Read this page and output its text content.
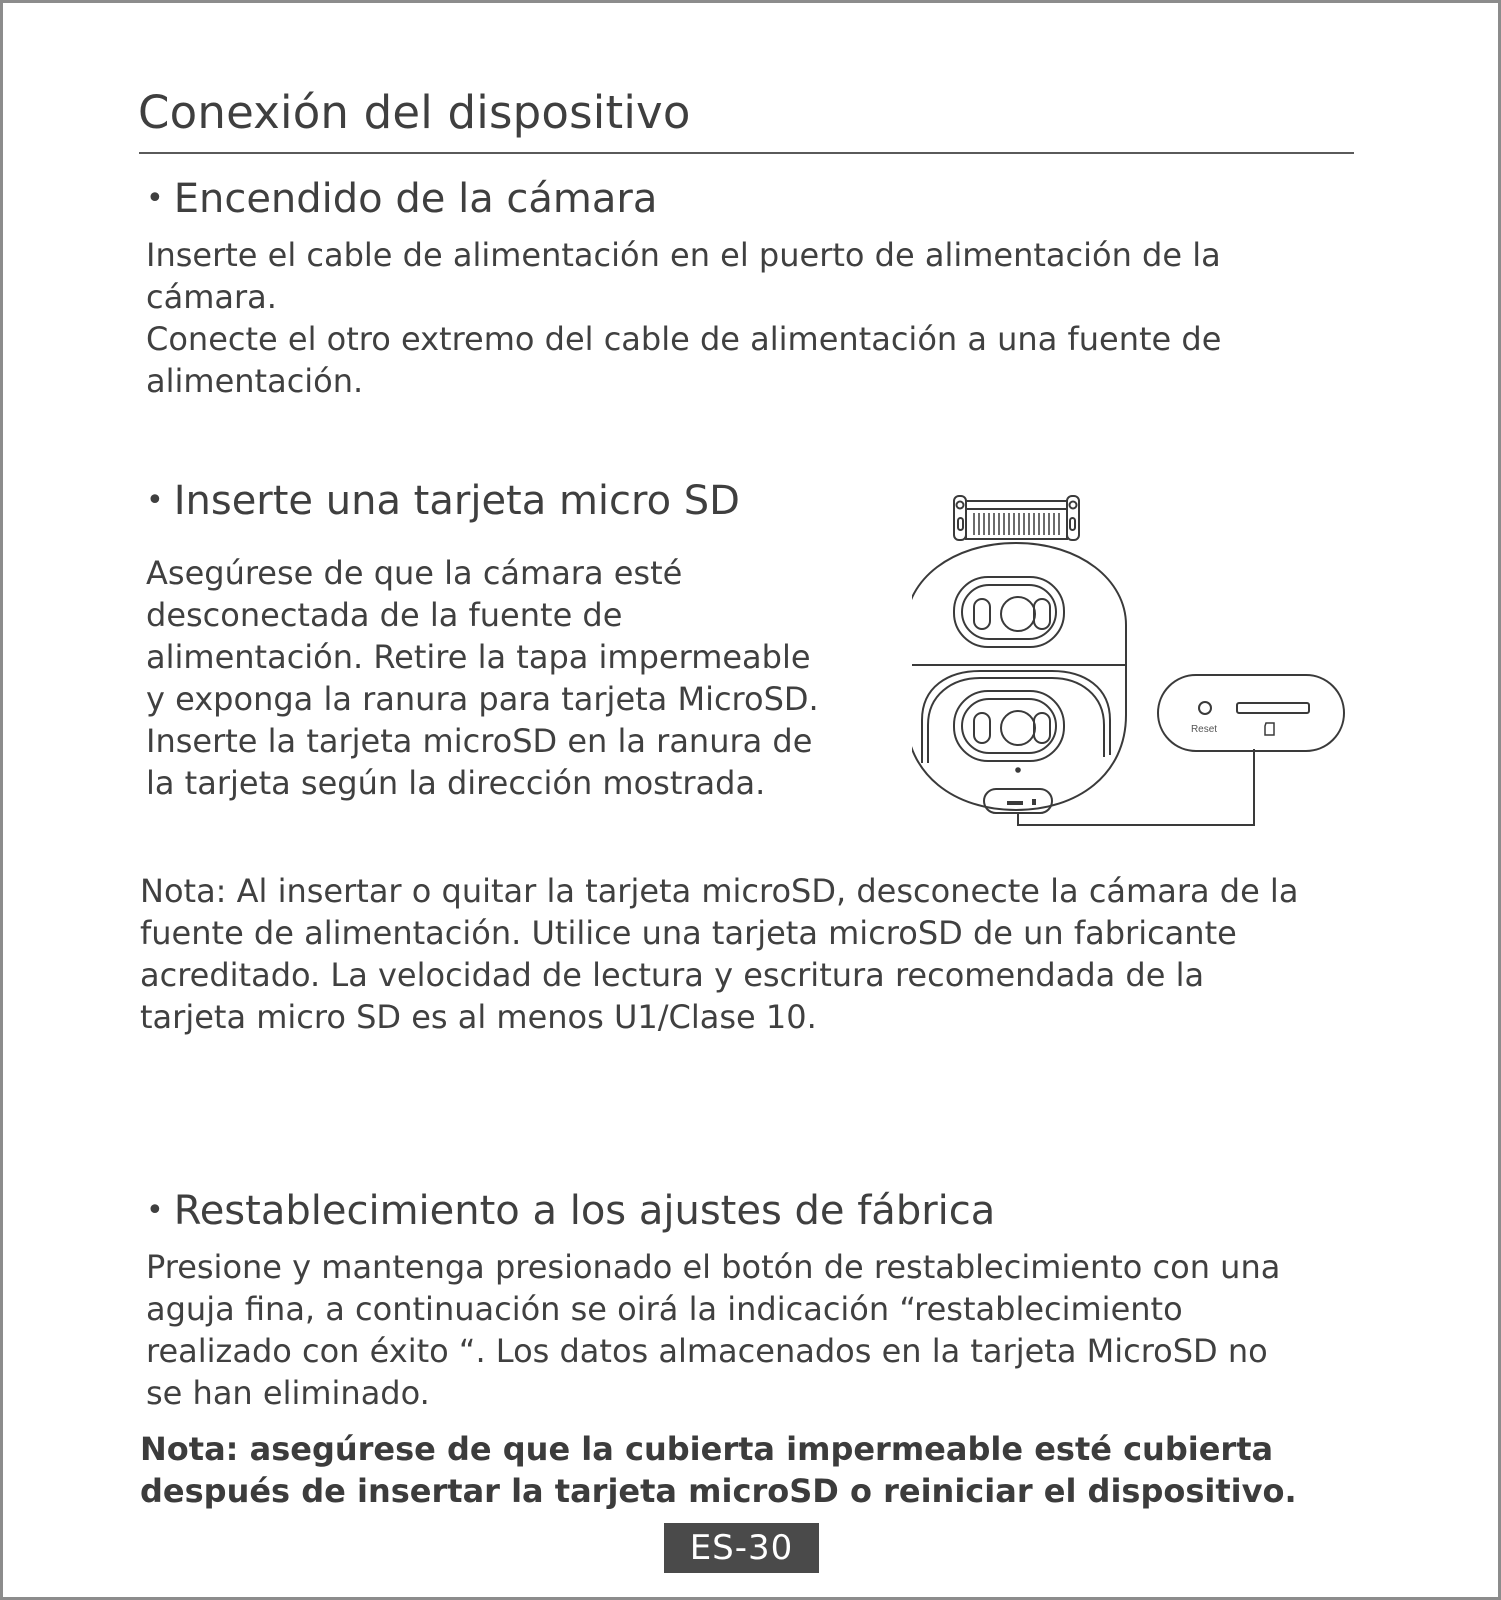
Conexión del dispositivo
• Encendido de la cámara

Inserte el cable de alimentación en el puerto de alimentación de la

cámara.

Conecte el otro extremo del cable de alimentación a una fuente de

alimentación.

• Inserte una tarjeta micro SD

Asegúrese de que la cámara esté

desconectada de la fuente de

alimentación. Retire la tapa impermeable

y exponga la ranura para tarjeta MicroSD.

Inserte la tarjeta microSD en la ranura de

la tarjeta según la dirección mostrada.

Reset

Nota: Al insertar o quitar la tarjeta microSD, desconecte la cámara de la

fuente de alimentación. Utilice una tarjeta microSD de un fabricante

acreditado. La velocidad de lectura y escritura recomendada de la

tarjeta micro SD es al menos U1/Clase 10.

• Restablecimiento a los ajustes de fábrica

Presione y mantenga presionado el botón de restablecimiento con una

aguja fina, a continuación se oirá la indicación “restablecimiento

realizado con éxito “. Los datos almacenados en la tarjeta MicroSD no

se han eliminado.

Nota: asegúrese de que la cubierta impermeable esté cubierta

después de insertar la tarjeta microSD o reiniciar el dispositivo.

ES-30
